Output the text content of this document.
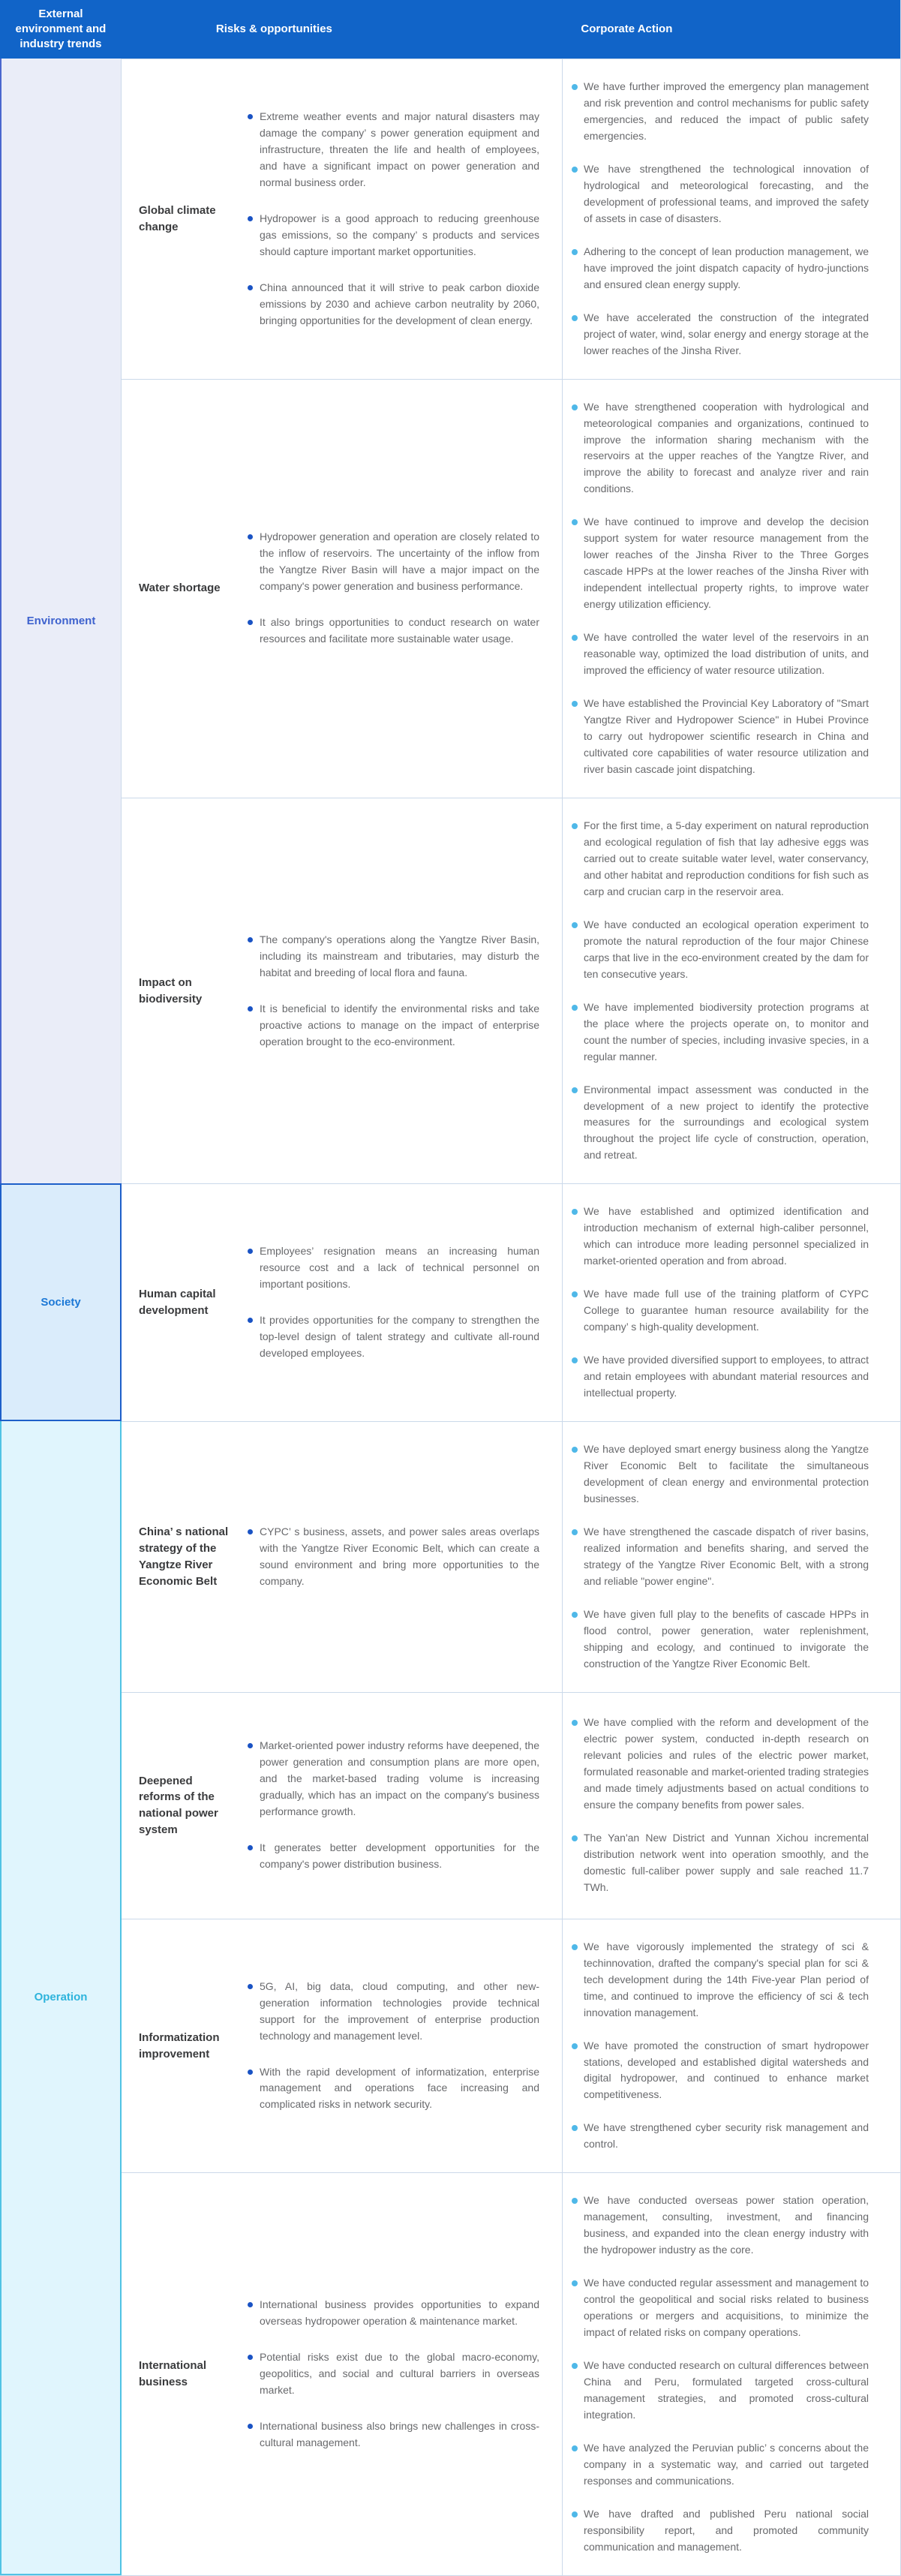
External environment and industry trends
Risks & opportunities	Corporate Action
Environment
Global climate change
Extreme weather events and major natural disasters may damage the company’ s power generation equipment and infrastructure, threaten the life and health of employees, and have a significant impact on power generation and normal business order.
Hydropower is a good approach to reducing greenhouse gas emissions, so the company’ s products and services should capture important market opportunities.
China announced that it will strive to peak carbon dioxide emissions by 2030 and achieve carbon neutrality by 2060, bringing opportunities for the development of clean energy.
We have further improved the emergency plan management and risk prevention and control mechanisms for public safety emergencies, and reduced the impact of public safety emergencies.
We have strengthened the technological innovation of hydrological and meteorological forecasting, and the development of professional teams, and improved the safety of assets in case of disasters.
Adhering to the concept of lean production management, we have improved the joint dispatch capacity of hydro-junctions and ensured clean energy supply.
We have accelerated the construction of the integrated project of water, wind, solar energy and energy storage at the lower reaches of the Jinsha River.
Water shortage
Hydropower generation and operation are closely related to the inflow of reservoirs. The uncertainty of the inflow from the Yangtze River Basin will have a major impact on the company's power generation and business performance.
It also brings opportunities to conduct research on water resources and facilitate more sustainable water usage.
We have strengthened cooperation with hydrological and meteorological companies and organizations, continued to improve the information sharing mechanism with the reservoirs at the upper reaches of the Yangtze River, and improve the ability to forecast and analyze river and rain conditions.
We have continued to improve and develop the decision support system for water resource management from the lower reaches of the Jinsha River to the Three Gorges cascade HPPs at the lower reaches of the Jinsha River with independent intellectual property rights, to improve water energy utilization efficiency.
We have controlled the water level of the reservoirs in an reasonable way, optimized the load distribution of units, and improved the efficiency of water resource utilization.
We have established the Provincial Key Laboratory of "Smart Yangtze River and Hydropower Science" in Hubei Province to carry out hydropower scientific research in China and cultivated core capabilities of water resource utilization and river basin cascade joint dispatching.
Impact on biodiversity
The company's operations along the Yangtze River Basin, including its mainstream and tributaries, may disturb the habitat and breeding of local flora and fauna.
It is beneficial to identify the environmental risks and take proactive actions to manage on the impact of enterprise operation brought to the eco-environment.
For the first time, a 5-day experiment on natural reproduction and ecological regulation of fish that lay adhesive eggs was carried out to create suitable water level, water conservancy, and other habitat and reproduction conditions for fish such as carp and crucian carp in the reservoir area.
We have conducted an ecological operation experiment to promote the natural reproduction of the four major Chinese carps that live in the eco-environment created by the dam for ten consecutive years.
We have implemented biodiversity protection programs at the place where the projects operate on, to monitor and count the number of species, including invasive species, in a regular manner.
Environmental impact assessment was conducted in the development of a new project to identify the protective measures for the surroundings and ecological system throughout the project life cycle of construction, operation, and retreat.
Society
Human capital development
Employees’ resignation means an increasing human resource cost and a lack of technical personnel on important positions.
It provides opportunities for the company to strengthen the top-level design of talent strategy and cultivate all-round developed employees.
We have established and optimized identification and introduction mechanism of external high-caliber personnel, which can introduce more leading personnel specialized in market-oriented operation and from abroad.
We have made full use of the training platform of CYPC College to guarantee human resource availability for the company’ s high-quality development.
We have provided diversified support to employees, to attract and retain employees with abundant material resources and intellectual property.
Operation
China’ s national strategy of the Yangtze River Economic Belt
CYPC’ s business, assets, and power sales areas overlaps with the Yangtze River Economic Belt, which can create a sound environment and bring more opportunities to the company.
We have deployed smart energy business along the Yangtze River Economic Belt to facilitate the simultaneous development of clean energy and environmental protection businesses.
We have strengthened the cascade dispatch of river basins, realized information and benefits sharing, and served the strategy of the Yangtze River Economic Belt, with a strong and reliable "power engine".
We have given full play to the benefits of cascade HPPs in flood control, power generation, water replenishment, shipping and ecology, and continued to invigorate the construction of the Yangtze River Economic Belt.
Deepened reforms of the national power system
Market-oriented power industry reforms have deepened, the power generation and consumption plans are more open, and the market-based trading volume is increasing gradually, which has an impact on the company's business performance growth.
It generates better development opportunities for the company's power distribution business.
We have complied with the reform and development of the electric power system, conducted in-depth research on relevant policies and rules of the electric power market, formulated reasonable and market-oriented trading strategies and made timely adjustments based on actual conditions to ensure the company benefits from power sales.
The Yan'an New District and Yunnan Xichou incremental distribution network went into operation smoothly, and the domestic full-caliber power supply and sale reached 11.7 TWh.
Informatization improvement
5G, AI, big data, cloud computing, and other new-generation information technologies provide technical support for the improvement of enterprise production technology and management level.
With the rapid development of informatization, enterprise management and operations face increasing and complicated risks in network security.
We have vigorously implemented the strategy of sci & techinnovation, drafted the company's special plan for sci & tech development during the 14th Five-year Plan period of time, and continued to improve the efficiency of sci & tech innovation management.
We have promoted the construction of smart hydropower stations, developed and established digital watersheds and digital hydropower, and continued to enhance market competitiveness.
We have strengthened cyber security risk management and control.
International business
International business provides opportunities to expand overseas hydropower operation & maintenance market.
Potential risks exist due to the global macro-economy, geopolitics, and social and cultural barriers in overseas market.
International business also brings new challenges in cross-cultural management.
We have conducted overseas power station operation, management, consulting, investment, and financing business, and expanded into the clean energy industry with the hydropower industry as the core.
We have conducted regular assessment and management to control the geopolitical and social risks related to business operations or mergers and acquisitions, to minimize the impact of related risks on company operations.
We have conducted research on cultural differences between China and Peru, formulated targeted cross-cultural management strategies, and promoted cross-cultural integration.
We have analyzed the Peruvian public’ s concerns about the company in a systematic way, and carried out targeted responses and communications.
We have drafted and published Peru national social responsibility report, and promoted community communication and management.
